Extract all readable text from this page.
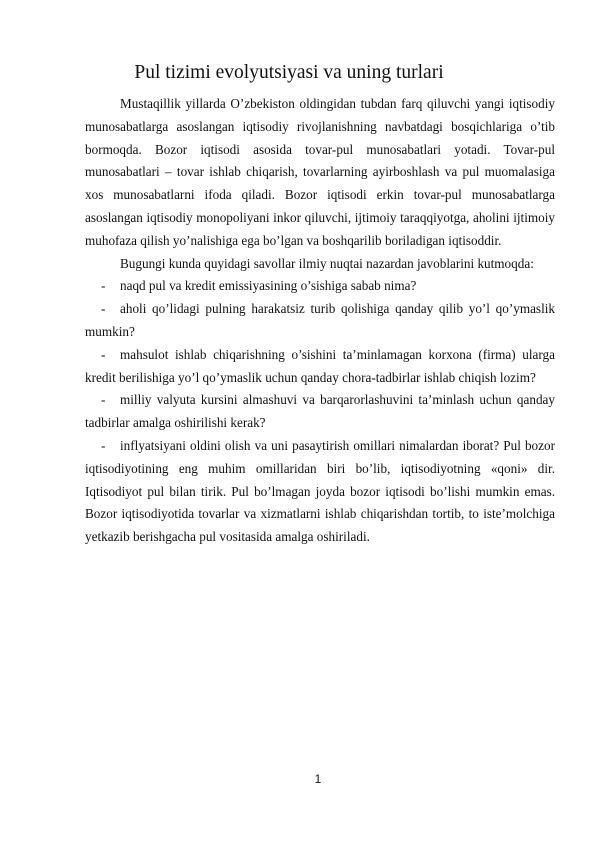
Pul tizimi evolyutsiyasi va uning turlari

Mustaqillik yillarda O’zbekiston oldingidan tubdan farq qiluvchi yangi iqtisodiy munosabatlarga asoslangan iqtisodiy rivojlanishning navbatdagi bosqichlariga o’tib bormoqda. Bozor iqtisodi asosida tovar-pul munosabatlari yotadi. Tovar-pul munosabatlari – tovar ishlab chiqarish, tovarlarning ayirboshlash va pul muomalasiga xos munosabatlarni ifoda qiladi. Bozor iqtisodi erkin tovar-pul munosabatlarga asoslangan iqtisodiy monopoliyani inkor qiluvchi, ijtimoiy taraqqiyotga, aholini ijtimoiy muhofaza qilish yo’nalishiga ega bo’lgan va boshqarilib boriladigan iqtisoddir.

Bugungi kunda quyidagi savollar ilmiy nuqtai nazardan javoblarini kutmoqda:

- naqd pul va kredit emissiyasining o’sishiga sabab nima?

- aholi qo’lidagi pulning harakatsiz turib qolishiga qanday qilib yo’l qo’ymaslik mumkin?

- mahsulot ishlab chiqarishning o’sishini ta’minlamagan korxona (firma) ularga kredit berilishiga yo’l qo’ymaslik uchun qanday chora-tadbirlar ishlab chiqish lozim?

- milliy valyuta kursini almashuvi va barqarorlashuvini ta’minlash uchun qanday tadbirlar amalga oshirilishi kerak?

- inflyatsiyani oldini olish va uni pasaytirish omillari nimalardan iborat? Pul bozor iqtisodiyotining eng muhim omillaridan biri bo’lib, iqtisodiyotning «qoni» dir. Iqtisodiyot pul bilan tirik. Pul bo’lmagan joyda bozor iqtisodi bo’lishi mumkin emas. Bozor iqtisodiyotida tovarlar va xizmatlarni ishlab chiqarishdan tortib, to iste’molchiga yetkazib berishgacha pul vositasida amalga oshiriladi.

1
